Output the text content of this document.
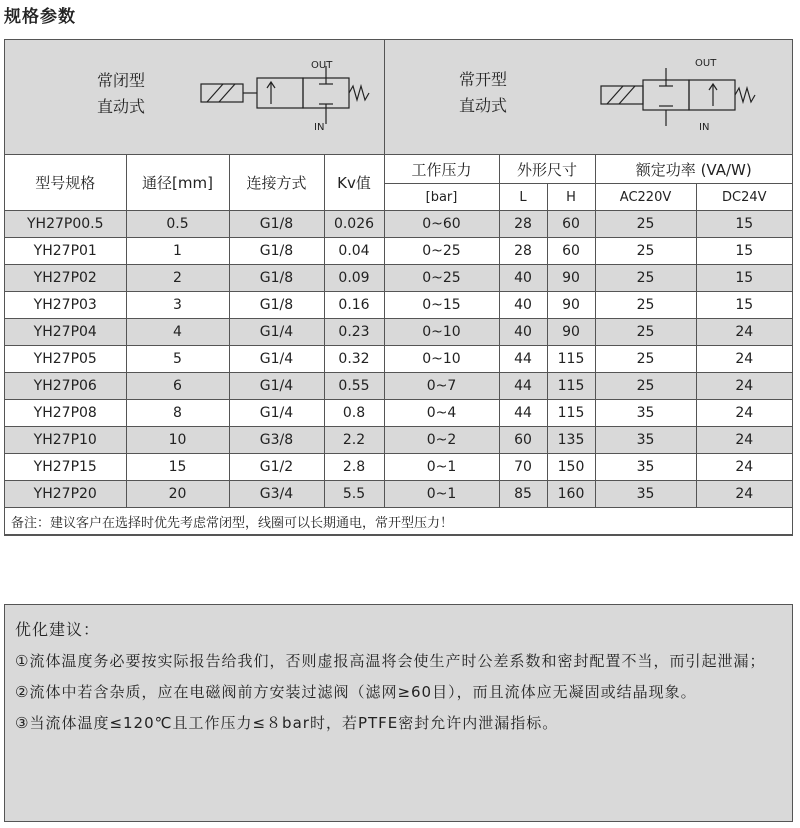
规格参数
常闭型
直动式
OUT
IN
常开型
直动式
OUT
IN
型号规格	通径[mm]	连接方式	Kv值	工作压力	外形尺寸		额定功率 (VA/W)	
				[bar]	L	H	AC220V	DC24V
YH27P00.5	0.5	G1/8	0.026	0~60	28	60	25	15
YH27P01	1	G1/8	0.04	0~25	28	60	25	15
YH27P02	2	G1/8	0.09	0~25	40	90	25	15
YH27P03	3	G1/8	0.16	0~15	40	90	25	15
YH27P04	4	G1/4	0.23	0~10	40	90	25	24
YH27P05	5	G1/4	0.32	0~10	44	115	25	24
YH27P06	6	G1/4	0.55	0~7	44	115	25	24
YH27P08	8	G1/4	0.8	0~4	44	115	35	24
YH27P10	10	G3/8	2.2	0~2	60	135	35	24
YH27P15	15	G1/2	2.8	0~1	70	150	35	24
YH27P20	20	G3/4	5.5	0~1	85	160	35	24
备注：建议客户在选择时优先考虑常闭型，线圈可以长期通电，常开型压力！								
优化建议：
①流体温度务必要按实际报告给我们，否则虚报高温将会使生产时公差系数和密封配置不当，而引起泄漏；
②流体中若含杂质，应在电磁阀前方安装过滤阀（滤网≥60目），而且流体应无凝固或结晶现象。
③当流体温度≤120℃且工作压力≤８bar时，若PTFE密封允许内泄漏指标。
